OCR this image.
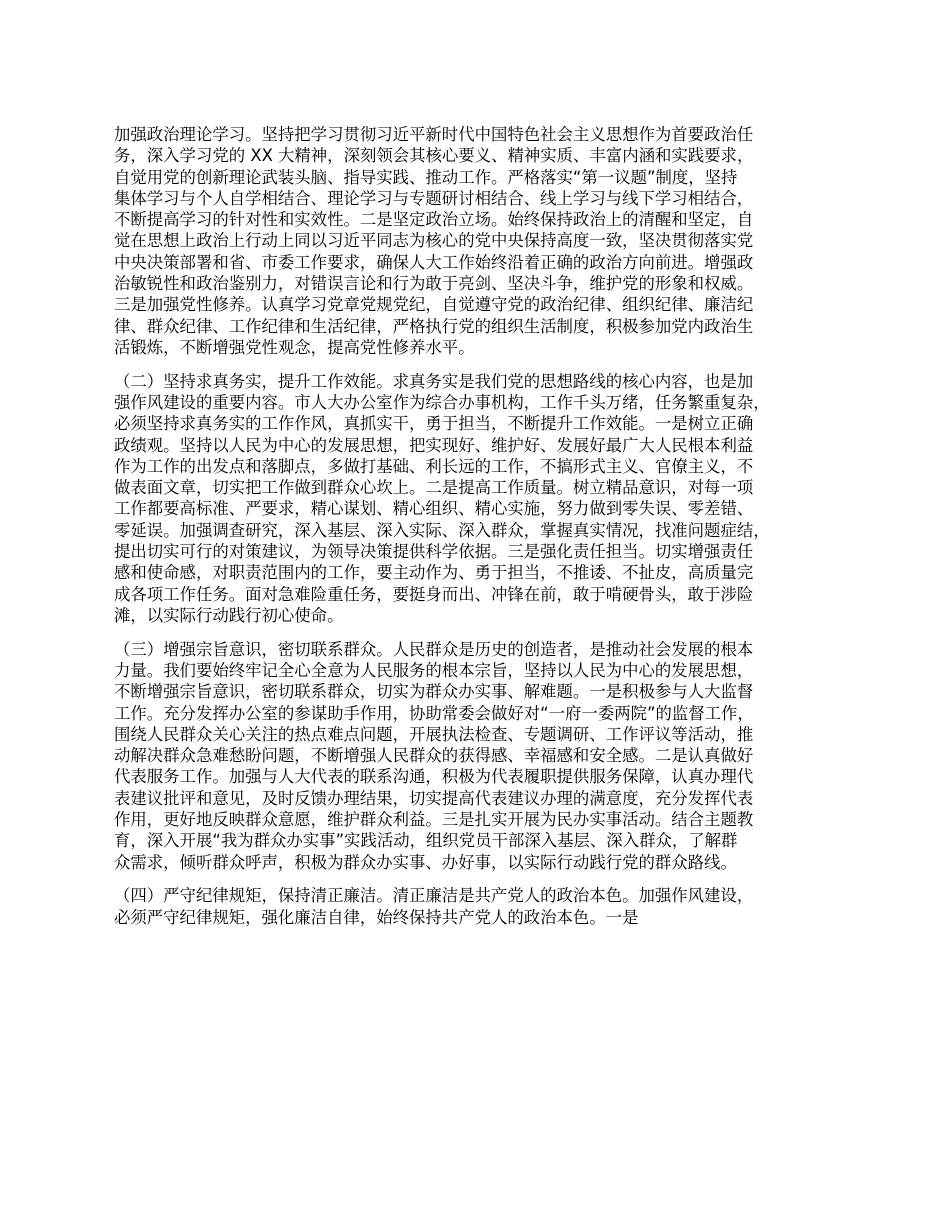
加强政治理论学习。坚持把学习贯彻习近平新时代中国特色社会主义思想作为首要政治任
务，深入学习党的 XX 大精神，深刻领会其核心要义、精神实质、丰富内涵和实践要求，
自觉用党的创新理论武装头脑、指导实践、推动工作。严格落实“第一议题”制度，坚持
集体学习与个人自学相结合、理论学习与专题研讨相结合、线上学习与线下学习相结合，
不断提高学习的针对性和实效性。二是坚定政治立场。始终保持政治上的清醒和坚定，自
觉在思想上政治上行动上同以习近平同志为核心的党中央保持高度一致，坚决贯彻落实党
中央决策部署和省、市委工作要求，确保人大工作始终沿着正确的政治方向前进。增强政
治敏锐性和政治鉴别力，对错误言论和行为敢于亮剑、坚决斗争，维护党的形象和权威。
三是加强党性修养。认真学习党章党规党纪，自觉遵守党的政治纪律、组织纪律、廉洁纪
律、群众纪律、工作纪律和生活纪律，严格执行党的组织生活制度，积极参加党内政治生
活锻炼，不断增强党性观念，提高党性修养水平。
（二）坚持求真务实，提升工作效能。求真务实是我们党的思想路线的核心内容，也是加
强作风建设的重要内容。市人大办公室作为综合办事机构，工作千头万绪，任务繁重复杂，
必须坚持求真务实的工作作风，真抓实干，勇于担当，不断提升工作效能。一是树立正确
政绩观。坚持以人民为中心的发展思想，把实现好、维护好、发展好最广大人民根本利益
作为工作的出发点和落脚点，多做打基础、利长远的工作，不搞形式主义、官僚主义，不
做表面文章，切实把工作做到群众心坎上。二是提高工作质量。树立精品意识，对每一项
工作都要高标准、严要求，精心谋划、精心组织、精心实施，努力做到零失误、零差错、
零延误。加强调查研究，深入基层、深入实际、深入群众，掌握真实情况，找准问题症结，
提出切实可行的对策建议，为领导决策提供科学依据。三是强化责任担当。切实增强责任
感和使命感，对职责范围内的工作，要主动作为、勇于担当，不推诿、不扯皮，高质量完
成各项工作任务。面对急难险重任务，要挺身而出、冲锋在前，敢于啃硬骨头，敢于涉险
滩，以实际行动践行初心使命。
（三）增强宗旨意识，密切联系群众。人民群众是历史的创造者，是推动社会发展的根本
力量。我们要始终牢记全心全意为人民服务的根本宗旨，坚持以人民为中心的发展思想，
不断增强宗旨意识，密切联系群众，切实为群众办实事、解难题。一是积极参与人大监督
工作。充分发挥办公室的参谋助手作用，协助常委会做好对“一府一委两院”的监督工作，
围绕人民群众关心关注的热点难点问题，开展执法检查、专题调研、工作评议等活动，推
动解决群众急难愁盼问题，不断增强人民群众的获得感、幸福感和安全感。二是认真做好
代表服务工作。加强与人大代表的联系沟通，积极为代表履职提供服务保障，认真办理代
表建议批评和意见，及时反馈办理结果，切实提高代表建议办理的满意度，充分发挥代表
作用，更好地反映群众意愿，维护群众利益。三是扎实开展为民办实事活动。结合主题教
育，深入开展“我为群众办实事”实践活动，组织党员干部深入基层、深入群众，了解群
众需求，倾听群众呼声，积极为群众办实事、办好事，以实际行动践行党的群众路线。
（四）严守纪律规矩，保持清正廉洁。清正廉洁是共产党人的政治本色。加强作风建设，
必须严守纪律规矩，强化廉洁自律，始终保持共产党人的政治本色。一是
